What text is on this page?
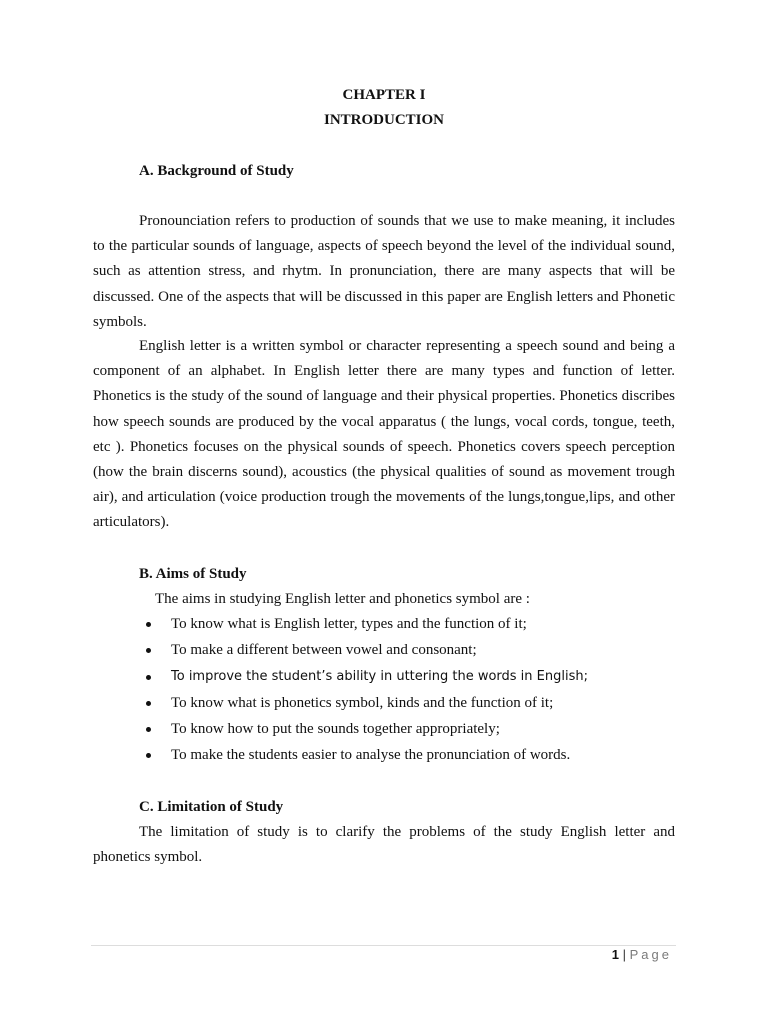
CHAPTER I
INTRODUCTION
A. Background of Study

Pronounciation refers to production of sounds that we use to make meaning, it includes to the particular sounds of language, aspects of speech beyond the level of the individual sound, such as attention stress, and rhytm. In pronunciation, there are many aspects that will be discussed. One of the aspects that will be discussed in this paper are English letters and Phonetic symbols.

English letter is a written symbol or character representing a speech sound and being a component of an alphabet. In English letter there are many types and function of letter. Phonetics is the study of the sound of language and their physical properties. Phonetics discribes how speech sounds are produced by the vocal apparatus ( the lungs, vocal cords, tongue, teeth, etc ). Phonetics focuses on the physical sounds of speech. Phonetics covers speech perception (how the brain discerns sound), acoustics (the physical qualities of sound as movement trough air), and articulation (voice production trough the movements of the lungs,tongue,lips, and other articulators).

B. Aims of Study
The aims in studying English letter and phonetics symbol are :
To know what is English letter, types and the function of it;
To make a different between vowel and consonant;
To improve the student’s ability in uttering the words in English;
To know what is phonetics symbol, kinds and the function of it;
To know how to put the sounds together appropriately;
To make the students easier to analyse the pronunciation of words.
C. Limitation of Study

The limitation of study is to clarify the problems of the study English letter and phonetics symbol.

1 | Page
